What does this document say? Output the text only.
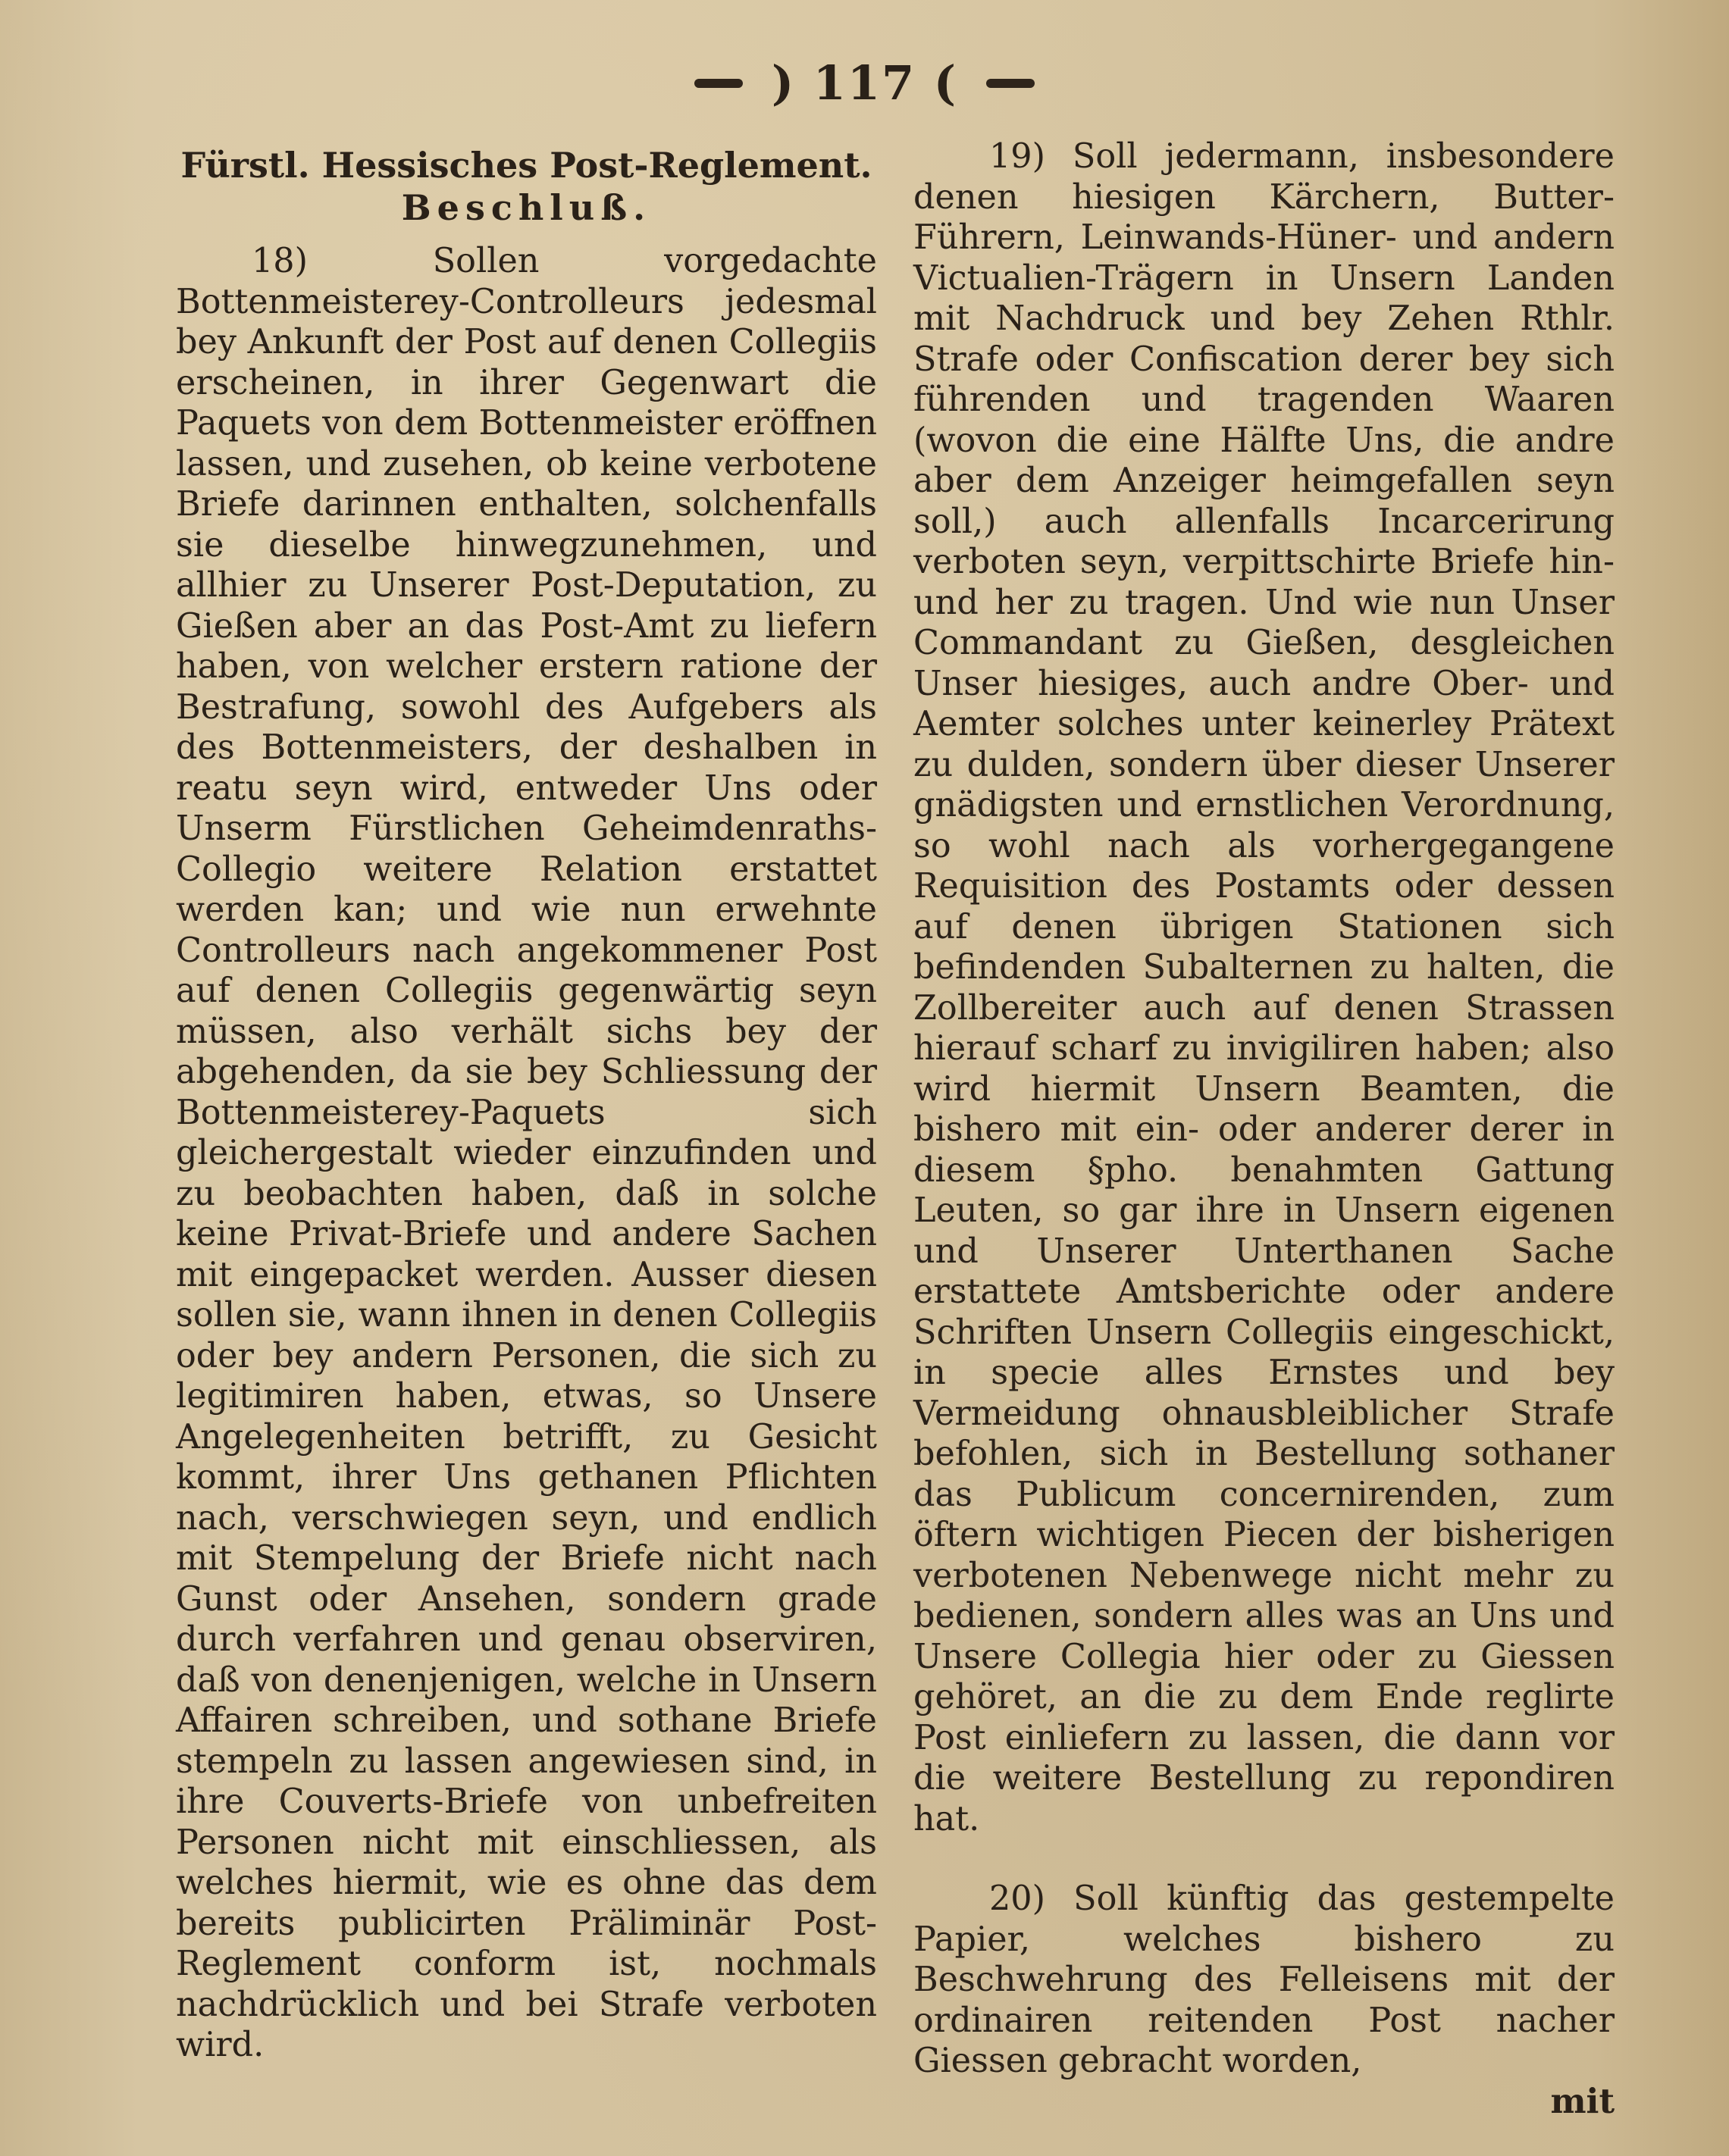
) 117 (
Fürstl. Hessisches Post-Reglement.
Beschluß.

18) Sollen vorgedachte Bottenmeisterey-Controlleurs jedesmal bey Ankunft der Post auf denen Collegiis erscheinen, in ihrer Gegenwart die Paquets von dem Bottenmeister eröffnen lassen, und zusehen, ob keine verbotene Briefe darinnen enthalten, solchenfalls sie dieselbe hinwegzunehmen, und allhier zu Unserer Post-Deputation, zu Gießen aber an das Post-Amt zu liefern haben, von welcher erstern ratione der Bestrafung, sowohl des Aufgebers als des Bottenmeisters, der deshalben in reatu seyn wird, entweder Uns oder Unserm Fürstlichen Geheimdenraths-Collegio weitere Relation erstattet werden kan; und wie nun erwehnte Controlleurs nach angekommener Post auf denen Collegiis gegenwärtig seyn müssen, also verhält sichs bey der abgehenden, da sie bey Schliessung der Bottenmeisterey-Paquets sich gleichergestalt wieder einzufinden und zu beobachten haben, daß in solche keine Privat-Briefe und andere Sachen mit eingepacket werden. Ausser diesen sollen sie, wann ihnen in denen Collegiis oder bey andern Personen, die sich zu legitimiren haben, etwas, so Unsere Angelegenheiten betrifft, zu Gesicht kommt, ihrer Uns gethanen Pflichten nach, verschwiegen seyn, und endlich mit Stempelung der Briefe nicht nach Gunst oder Ansehen, sondern grade durch verfahren und genau observiren, daß von denenjenigen, welche in Unsern Affairen schreiben, und sothane Briefe stempeln zu lassen angewiesen sind, in ihre Couverts-Briefe von unbefreiten Personen nicht mit einschliessen, als welches hiermit, wie es ohne das dem bereits publicirten Präliminär Post-Reglement conform ist, nochmals nachdrücklich und bei Strafe verboten wird.

19) Soll jedermann, insbesondere denen hiesigen Kärchern, Butter-Führern, Leinwands-Hüner- und andern Victualien-Trägern in Unsern Landen mit Nachdruck und bey Zehen Rthlr. Strafe oder Confiscation derer bey sich führenden und tragenden Waaren (wovon die eine Hälfte Uns, die andre aber dem Anzeiger heimgefallen seyn soll,) auch allenfalls Incarcerirung verboten seyn, verpittschirte Briefe hin- und her zu tragen. Und wie nun Unser Commandant zu Gießen, desgleichen Unser hiesiges, auch andre Ober- und Aemter solches unter keinerley Prätext zu dulden, sondern über dieser Unserer gnädigsten und ernstlichen Verordnung, so wohl nach als vorhergegangene Requisition des Postamts oder dessen auf denen übrigen Stationen sich befindenden Subalternen zu halten, die Zollbereiter auch auf denen Strassen hierauf scharf zu invigiliren haben; also wird hiermit Unsern Beamten, die bishero mit ein- oder anderer derer in diesem §pho. benahmten Gattung Leuten, so gar ihre in Unsern eigenen und Unserer Unterthanen Sache erstattete Amtsberichte oder andere Schriften Unsern Collegiis eingeschickt, in specie alles Ernstes und bey Vermeidung ohnausbleiblicher Strafe befohlen, sich in Bestellung sothaner das Publicum concernirenden, zum öftern wichtigen Piecen der bisherigen verbotenen Nebenwege nicht mehr zu bedienen, sondern alles was an Uns und Unsere Collegia hier oder zu Giessen gehöret, an die zu dem Ende reglirte Post einliefern zu lassen, die dann vor die weitere Bestellung zu repondiren hat.

20) Soll künftig das gestempelte Papier, welches bishero zu Beschwehrung des Felleisens mit der ordinairen reitenden Post nacher Giessen gebracht worden,

mit
